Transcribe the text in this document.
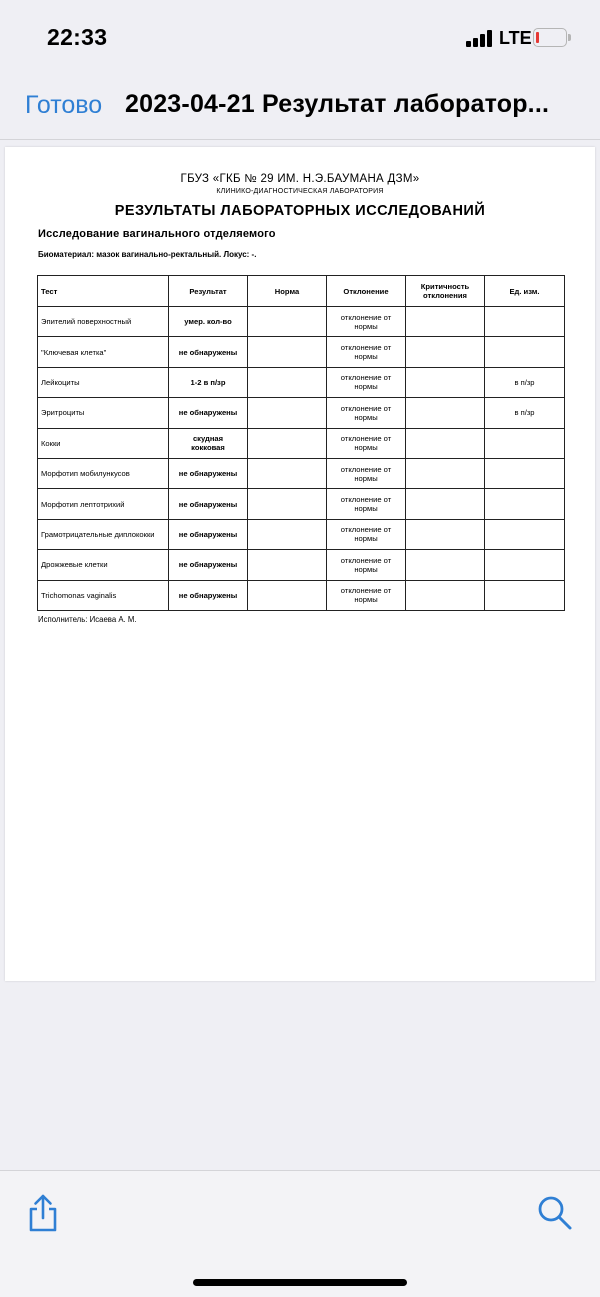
22:33	LTE
Готово 2023-04-21 Результат лаборатор...
ГБУЗ «ГКБ № 29 ИМ. Н.Э.БАУМАНА ДЗМ»
КЛИНИКО-ДИАГНОСТИЧЕСКАЯ ЛАБОРАТОРИЯ
РЕЗУЛЬТАТЫ ЛАБОРАТОРНЫХ ИССЛЕДОВАНИЙ
Исследование вагинального отделяемого
Биоматериал: мазок вагинально-ректальный. Локус: -.
Тест	Результат	Норма	Отклонение	Критичность отклонения	Ед. изм.
Эпителий поверхностный	умер. кол-во		отклонение от нормы		
"Ключевая клетка"	не обнаружены		отклонение от нормы		
Лейкоциты	1-2 в п/зр		отклонение от нормы		в п/зр
Эритроциты	не обнаружены		отклонение от нормы		в п/зр
Кокки	скудная кокковая		отклонение от нормы		
Морфотип мобилункусов	не обнаружены		отклонение от нормы		
Морфотип лептотрихий	не обнаружены		отклонение от нормы		
Грамотрицательные диплококки	не обнаружены		отклонение от нормы		
Дрожжевые клетки	не обнаружены		отклонение от нормы		
Trichomonas vaginalis	не обнаружены		отклонение от нормы		
Исполнитель: Исаева А. М.
